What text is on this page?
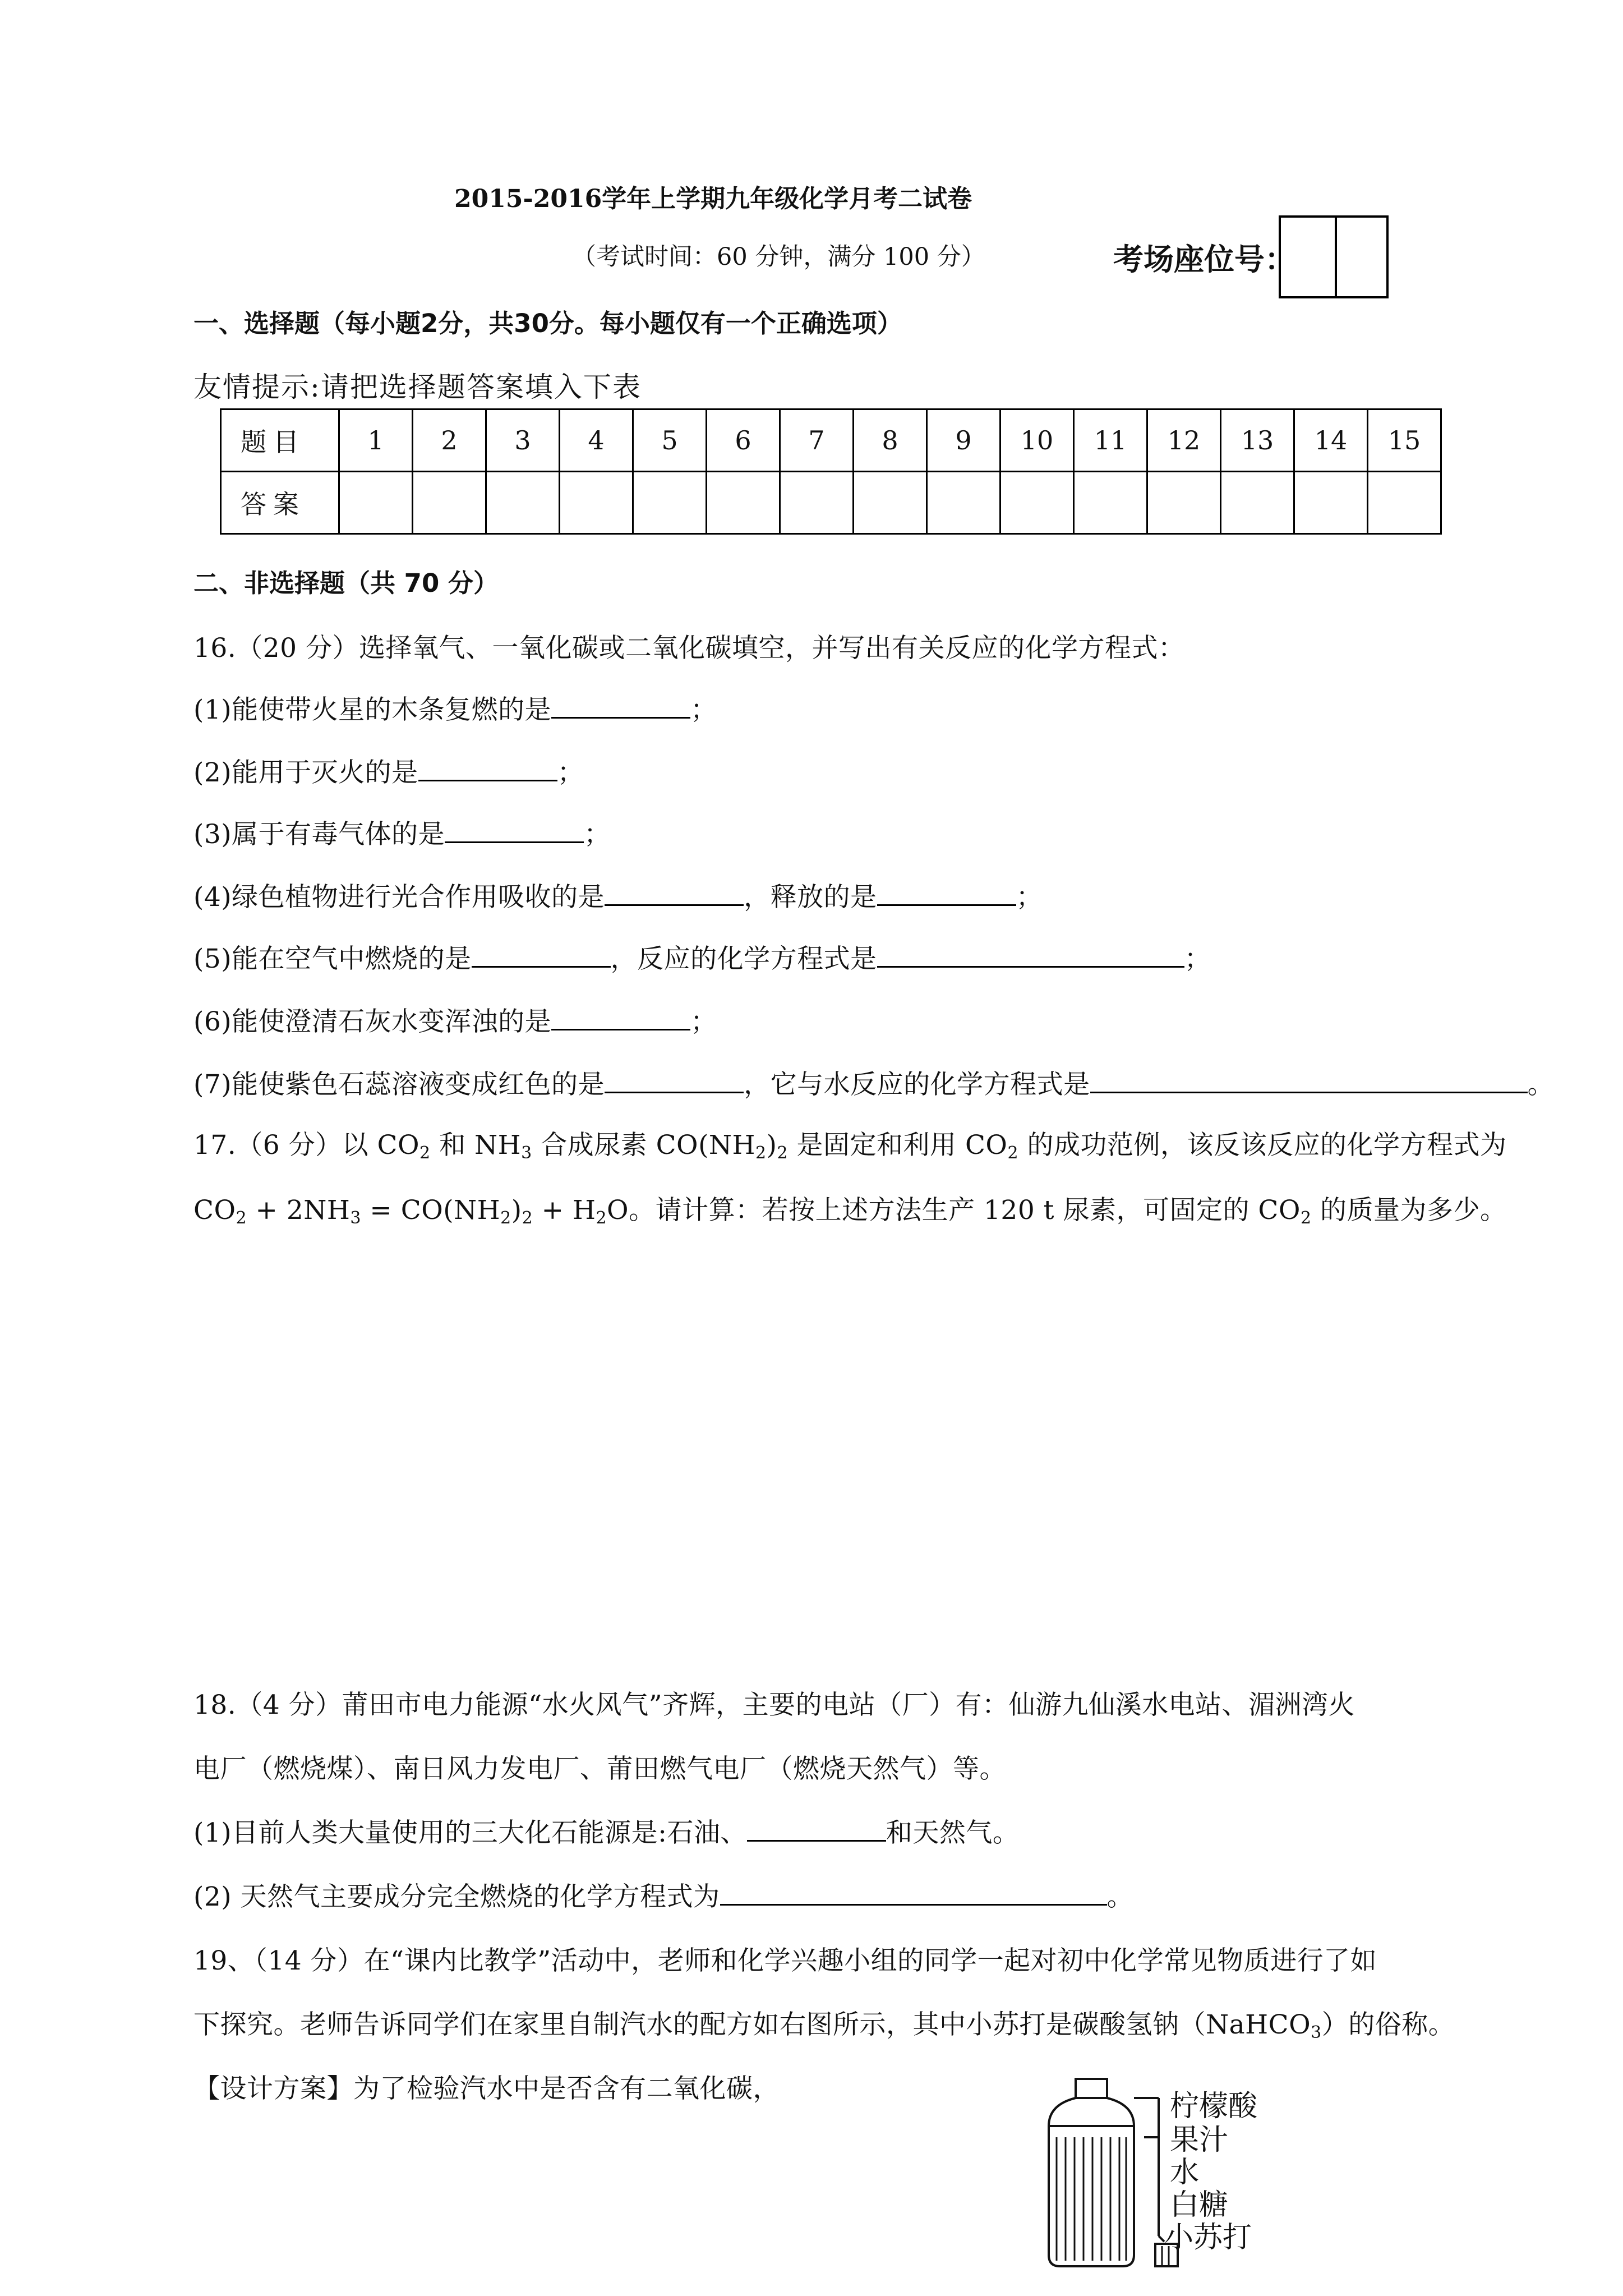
2015-2016学年上学期九年级化学月考二试卷
（考试时间：60 分钟，满分 100 分）	考场座位号：
一、选择题（每小题2分，共30分。每小题仅有一个正确选项）
友情提示:请把选择题答案填入下表
题目	1	2	3	4	5	6	7	8	9	10	11	12	13	14	15
答案															
二、非选择题（共 70 分）
16.（20 分）选择氧气、一氧化碳或二氧化碳填空，并写出有关反应的化学方程式：
(1)能使带火星的木条复燃的是	；
(2)能用于灭火的是	；
(3)属于有毒气体的是	；
(4)绿色植物进行光合作用吸收的是	，释放的是	；
(5)能在空气中燃烧的是	，反应的化学方程式是	；
(6)能使澄清石灰水变浑浊的是	；
(7)能使紫色石蕊溶液变成红色的是	，它与水反应的化学方程式是	。
17.（6 分）以 $CO_2$ 和 $NH_3$ 合成尿素 $CO(NH_2)_2$ 是固定和利用 $CO_2$ 的成功范例，该反该反应的化学方程式为
$CO_2 + 2NH_3 = CO(NH_2)_2 + H_2O$。请计算：若按上述方法生产 120 t 尿素，可固定的 $CO_2$ 的质量为多少。
18.（4 分）莆田市电力能源“水火风气”齐辉，主要的电站（厂）有：仙游九仙溪水电站、湄洲湾火
电厂（燃烧煤）、南日风力发电厂、莆田燃气电厂（燃烧天然气）等。
(1)目前人类大量使用的三大化石能源是:石油、	和天然气。
(2) 天然气主要成分完全燃烧的化学方程式为	。
19、（14 分）在“课内比教学”活动中，老师和化学兴趣小组的同学一起对初中化学常见物质进行了如
下探究。老师告诉同学们在家里自制汽水的配方如右图所示，其中小苏打是碳酸氢钠（NaHCO$_3$）的俗称。
【设计方案】为了检验汽水中是否含有二氧化碳，
柠檬酸
果汁
水
白糖
小苏打
